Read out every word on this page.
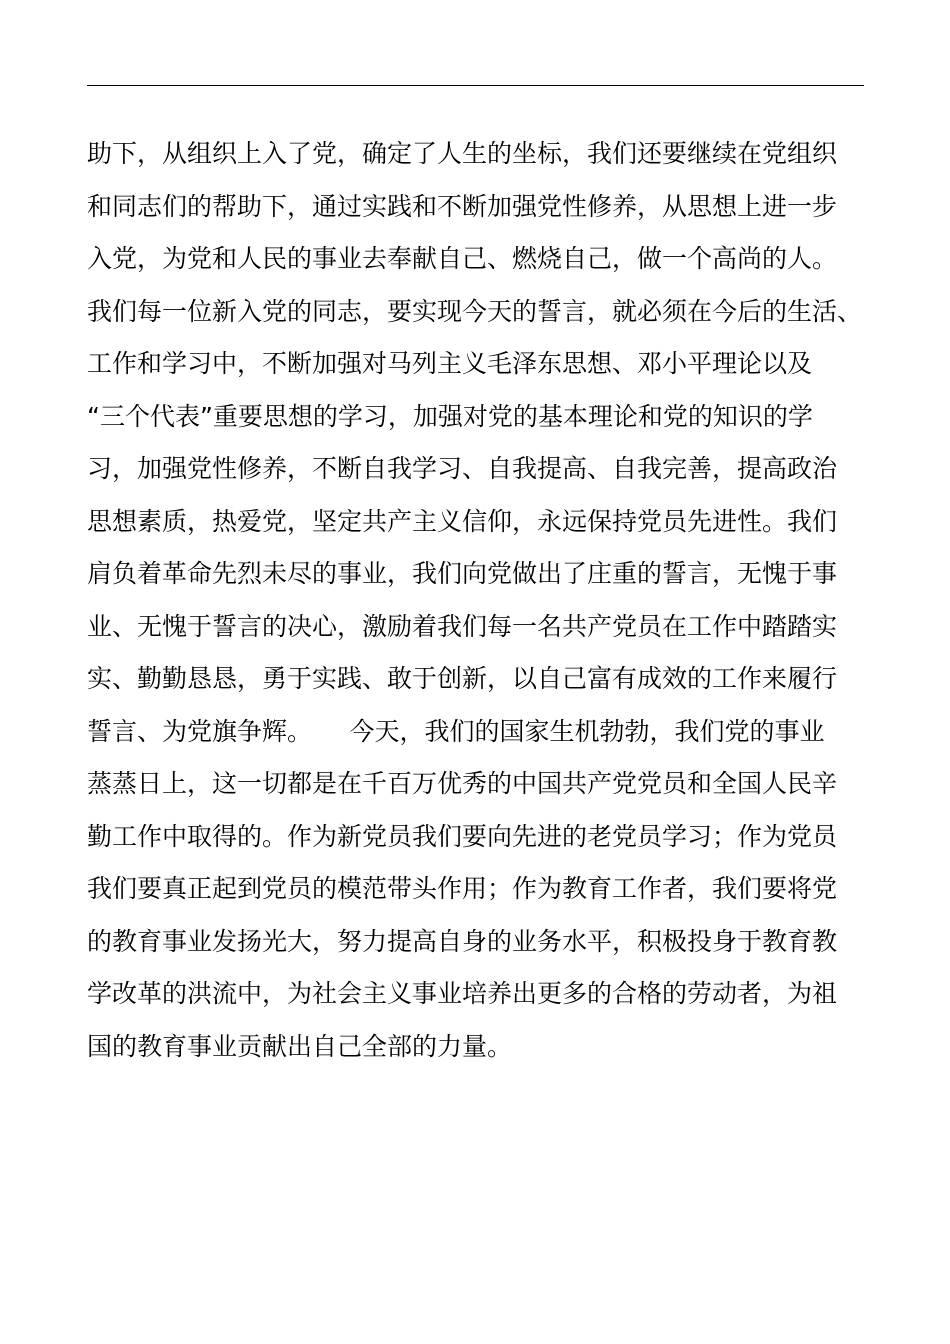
助下，从组织上入了党，确定了人生的坐标，我们还要继续在党组织
和同志们的帮助下，通过实践和不断加强党性修养，从思想上进一步
入党，为党和人民的事业去奉献自己、燃烧自己，做一个高尚的人。
我们每一位新入党的同志，要实现今天的誓言，就必须在今后的生活、
工作和学习中，不断加强对马列主义毛泽东思想、邓小平理论以及
“三个代表”重要思想的学习，加强对党的基本理论和党的知识的学
习，加强党性修养，不断自我学习、自我提高、自我完善，提高政治
思想素质，热爱党，坚定共产主义信仰，永远保持党员先进性。我们
肩负着革命先烈未尽的事业，我们向党做出了庄重的誓言，无愧于事
业、无愧于誓言的决心，激励着我们每一名共产党员在工作中踏踏实
实、勤勤恳恳，勇于实践、敢于创新，以自己富有成效的工作来履行
誓言、为党旗争辉。　　今天，我们的国家生机勃勃，我们党的事业
蒸蒸日上，这一切都是在千百万优秀的中国共产党党员和全国人民辛
勤工作中取得的。作为新党员我们要向先进的老党员学习；作为党员
我们要真正起到党员的模范带头作用；作为教育工作者，我们要将党
的教育事业发扬光大，努力提高自身的业务水平，积极投身于教育教
学改革的洪流中，为社会主义事业培养出更多的合格的劳动者，为祖
国的教育事业贡献出自己全部的力量。
